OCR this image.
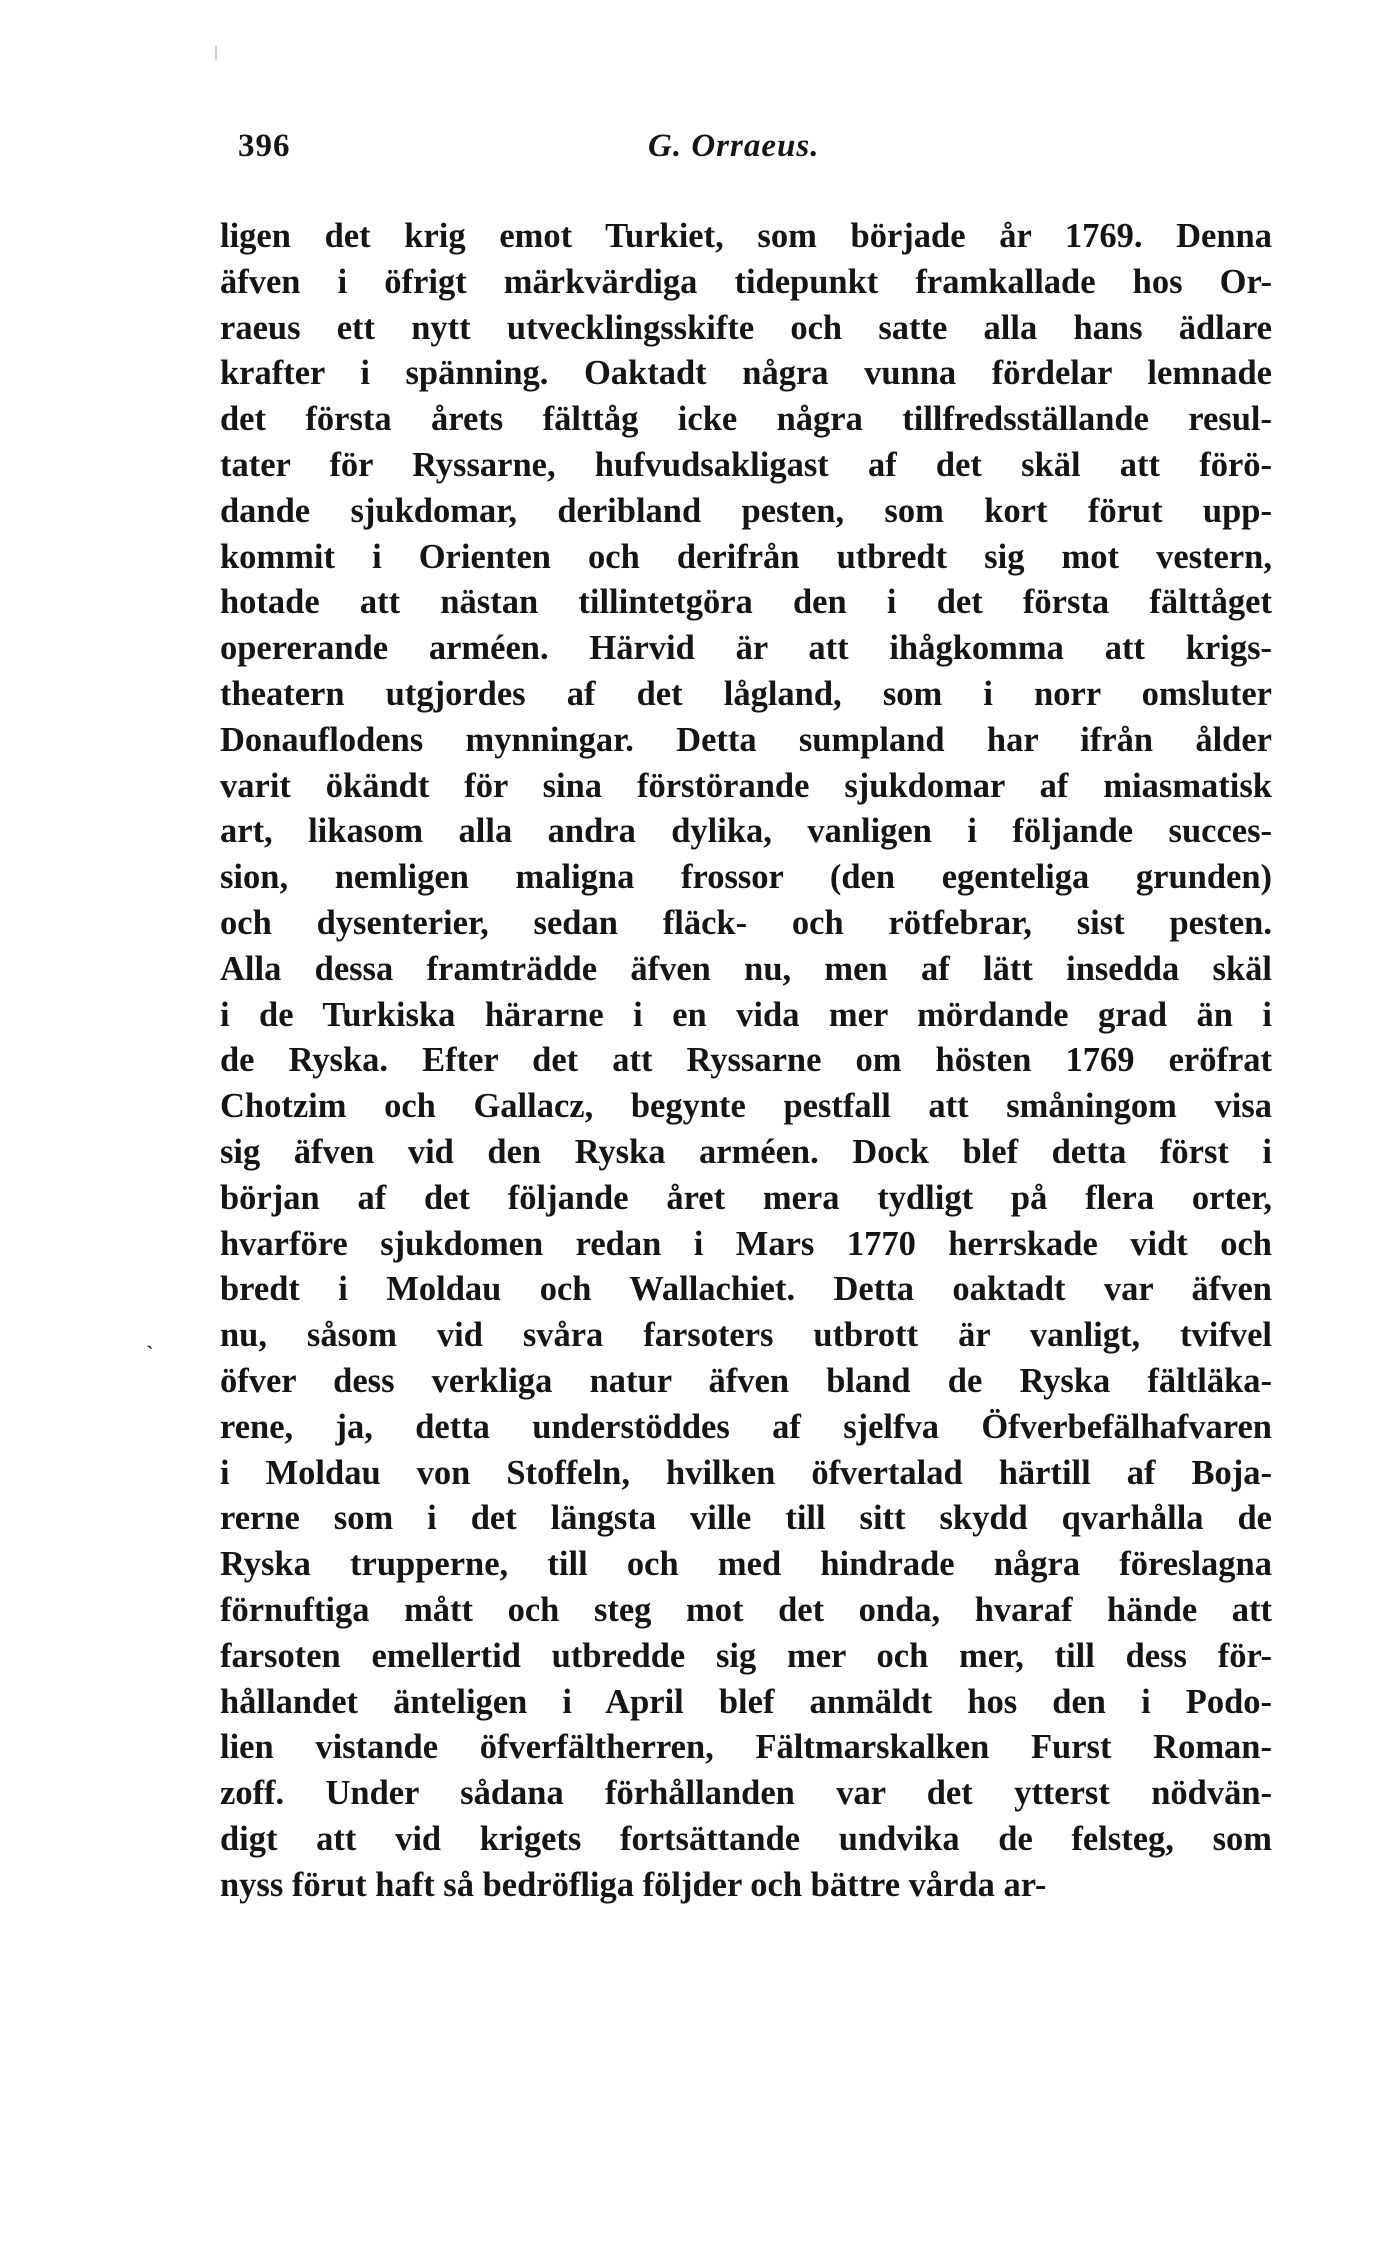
396	G. Orraeus.
ˎ
ligen det krig emot Turkiet, som började år 1769. Denna
äfven i öfrigt märkvärdiga tidepunkt framkallade hos Or-
raeus ett nytt utvecklingsskifte och satte alla hans ädlare
krafter i spänning. Oaktadt några vunna fördelar lemnade
det första årets fälttåg icke några tillfredsställande resul-
tater för Ryssarne, hufvudsakligast af det skäl att förö-
dande sjukdomar, deribland pesten, som kort förut upp-
kommit i Orienten och derifrån utbredt sig mot vestern,
hotade att nästan tillintetgöra den i det första fälttåget
opererande arméen. Härvid är att ihågkomma att krigs-
theatern utgjordes af det lågland, som i norr omsluter
Donauflodens mynningar. Detta sumpland har ifrån ålder
varit ökändt för sina förstörande sjukdomar af miasmatisk
art, likasom alla andra dylika, vanligen i följande succes-
sion, nemligen maligna frossor (den egenteliga grunden)
och dysenterier, sedan fläck- och rötfebrar, sist pesten.
Alla dessa framträdde äfven nu, men af lätt insedda skäl
i de Turkiska härarne i en vida mer mördande grad än i
de Ryska. Efter det att Ryssarne om hösten 1769 eröfrat
Chotzim och Gallacz, begynte pestfall att småningom visa
sig äfven vid den Ryska arméen. Dock blef detta först i
början af det följande året mera tydligt på flera orter,
hvarföre sjukdomen redan i Mars 1770 herrskade vidt och
bredt i Moldau och Wallachiet. Detta oaktadt var äfven
nu, såsom vid svåra farsoters utbrott är vanligt, tvifvel
öfver dess verkliga natur äfven bland de Ryska fältläka-
rene, ja, detta understöddes af sjelfva Öfverbefälhafvaren
i Moldau von Stoffeln, hvilken öfvertalad härtill af Boja-
rerne som i det längsta ville till sitt skydd qvarhålla de
Ryska trupperne, till och med hindrade några föreslagna
förnuftiga mått och steg mot det onda, hvaraf hände att
farsoten emellertid utbredde sig mer och mer, till dess för-
hållandet änteligen i April blef anmäldt hos den i Podo-
lien vistande öfverfältherren, Fältmarskalken Furst Roman-
zoff. Under sådana förhållanden var det ytterst nödvän-
digt att vid krigets fortsättande undvika de felsteg, som
nyss förut haft så bedröfliga följder och bättre vårda ar-
